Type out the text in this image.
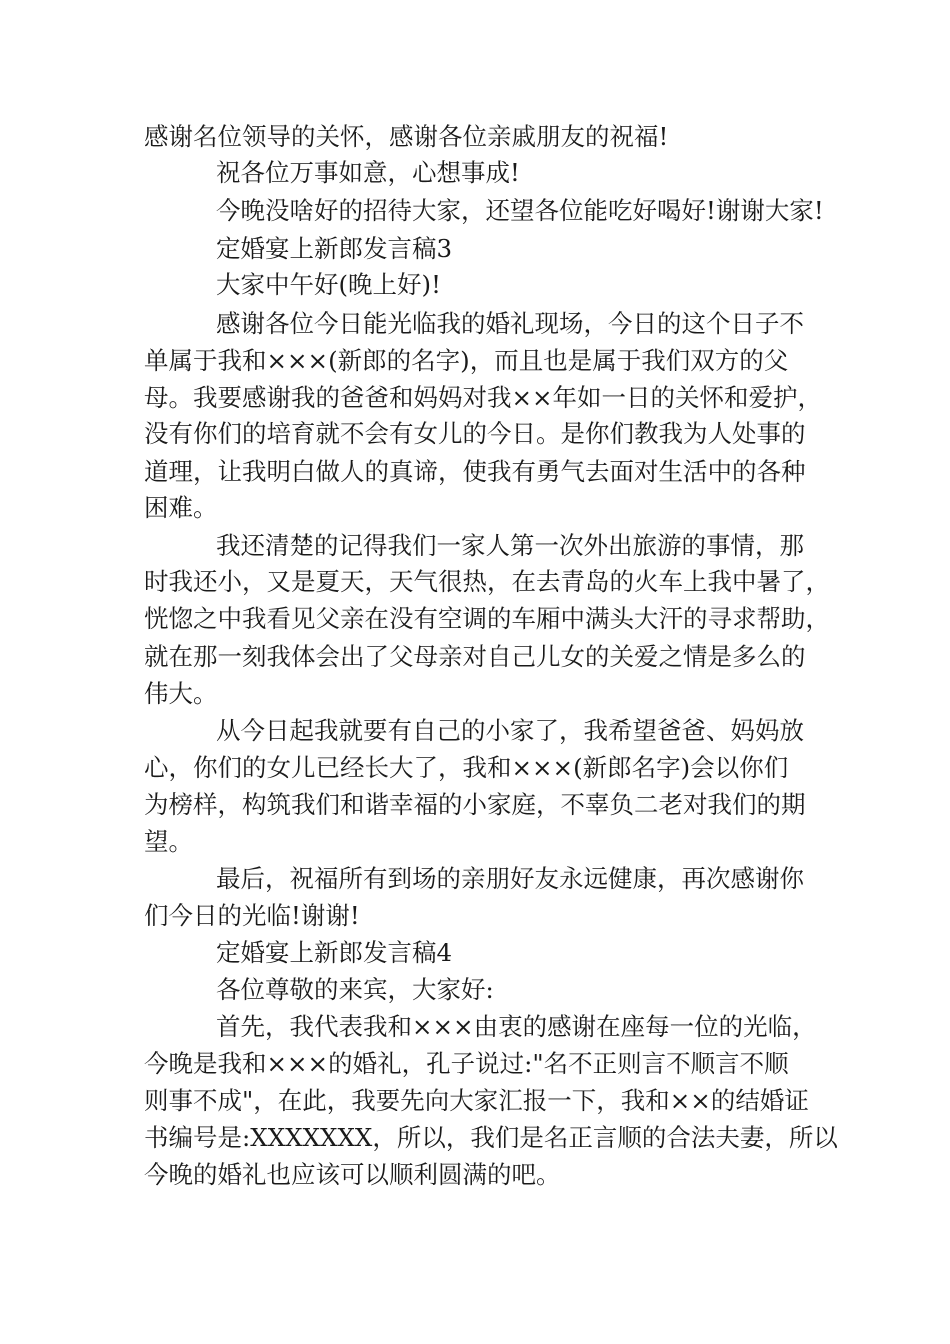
感谢名位领导的关怀，感谢各位亲戚朋友的祝福!
祝各位万事如意，心想事成!
今晚没啥好的招待大家，还望各位能吃好喝好!谢谢大家!
定婚宴上新郎发言稿3
大家中午好(晚上好)!
感谢各位今日能光临我的婚礼现场，今日的这个日子不
单属于我和×××(新郎的名字)，而且也是属于我们双方的父
母。我要感谢我的爸爸和妈妈对我××年如一日的关怀和爱护，
没有你们的培育就不会有女儿的今日。是你们教我为人处事的
道理，让我明白做人的真谛，使我有勇气去面对生活中的各种
困难。
我还清楚的记得我们一家人第一次外出旅游的事情，那
时我还小，又是夏天，天气很热，在去青岛的火车上我中暑了，
恍惚之中我看见父亲在没有空调的车厢中满头大汗的寻求帮助，
就在那一刻我体会出了父母亲对自己儿女的关爱之情是多么的
伟大。
从今日起我就要有自己的小家了，我希望爸爸、妈妈放
心，你们的女儿已经长大了，我和×××(新郎名字)会以你们
为榜样，构筑我们和谐幸福的小家庭，不辜负二老对我们的期
望。
最后，祝福所有到场的亲朋好友永远健康，再次感谢你
们今日的光临!谢谢!
定婚宴上新郎发言稿4
各位尊敬的来宾，大家好:
首先，我代表我和×××由衷的感谢在座每一位的光临，
今晚是我和×××的婚礼，孔子说过:"名不正则言不顺言不顺
则事不成"，在此，我要先向大家汇报一下，我和××的结婚证
书编号是:XXXXXXX，所以，我们是名正言顺的合法夫妻，所以
今晚的婚礼也应该可以顺利圆满的吧。
